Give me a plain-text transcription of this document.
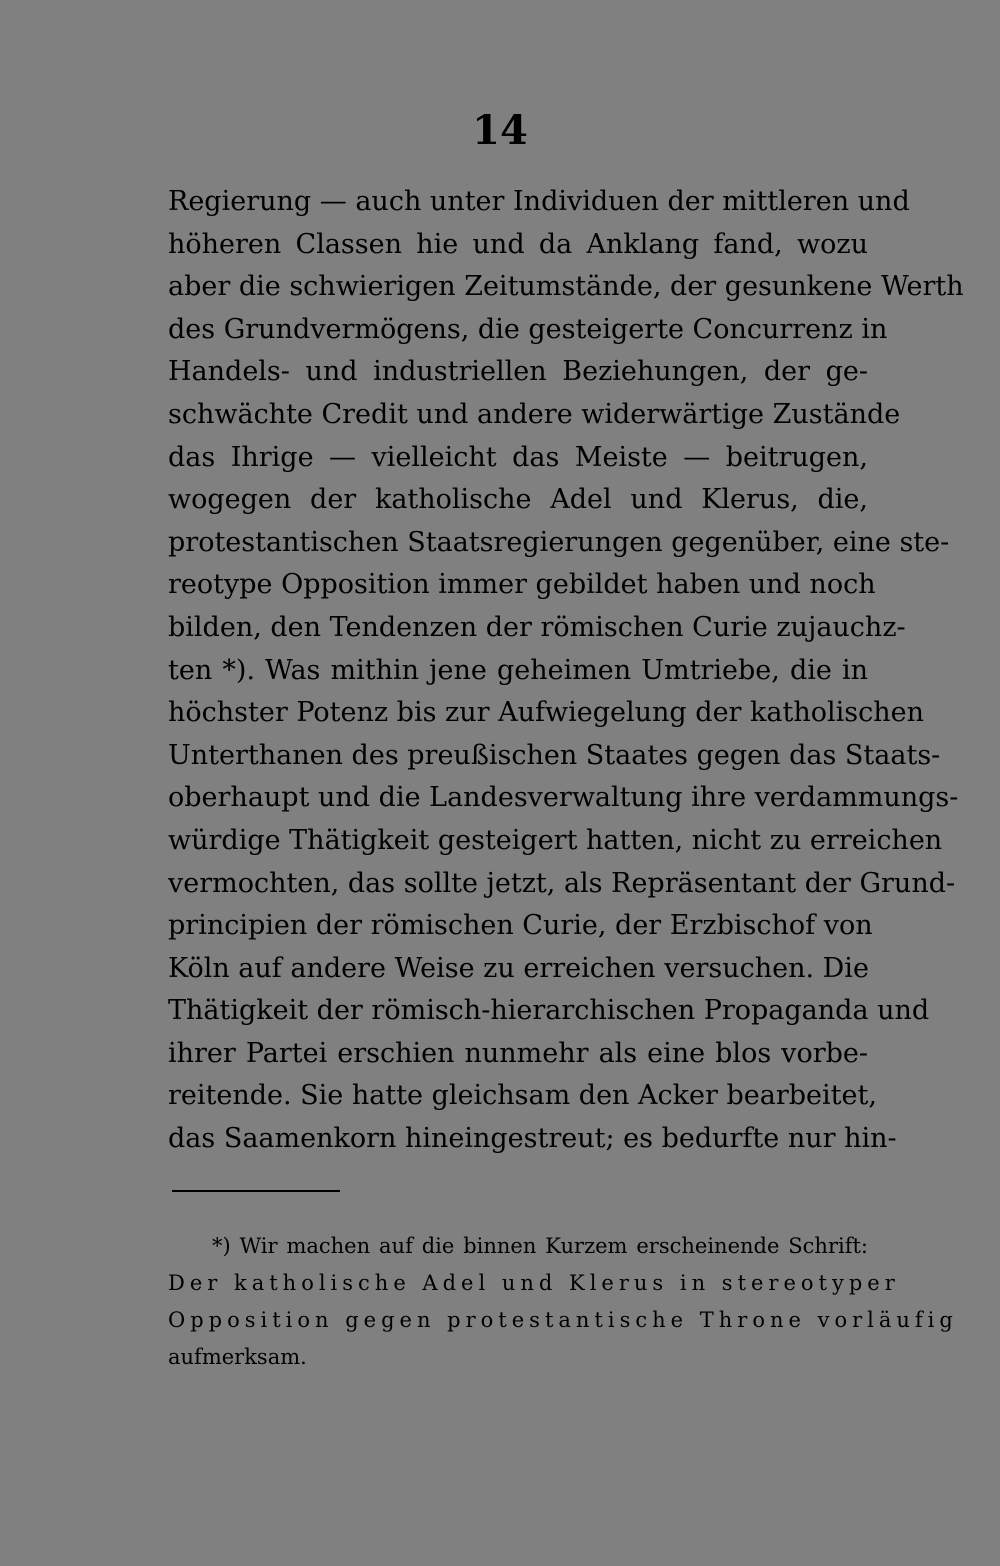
14
Regierung — auch unter Individuen der mittleren und
höheren Classen hie und da Anklang fand, wozu
aber die schwierigen Zeitumstände, der gesunkene Werth
des Grundvermögens, die gesteigerte Concurrenz in
Handels- und industriellen Beziehungen, der ge-
schwächte Credit und andere widerwärtige Zustände
das Ihrige — vielleicht das Meiste — beitrugen,
wogegen der katholische Adel und Klerus, die,
protestantischen Staatsregierungen gegenüber, eine ste-
reotype Opposition immer gebildet haben und noch
bilden, den Tendenzen der römischen Curie zujauchz-
ten *). Was mithin jene geheimen Umtriebe, die in
höchster Potenz bis zur Aufwiegelung der katholischen
Unterthanen des preußischen Staates gegen das Staats-
oberhaupt und die Landesverwaltung ihre verdammungs-
würdige Thätigkeit gesteigert hatten, nicht zu erreichen
vermochten, das sollte jetzt, als Repräsentant der Grund-
principien der römischen Curie, der Erzbischof von
Köln auf andere Weise zu erreichen versuchen. Die
Thätigkeit der römisch-hierarchischen Propaganda und
ihrer Partei erschien nunmehr als eine blos vorbe-
reitende. Sie hatte gleichsam den Acker bearbeitet,
das Saamenkorn hineingestreut; es bedurfte nur hin-
*) Wir machen auf die binnen Kurzem erscheinende Schrift:
Der katholische Adel und Klerus in stereotyper
Opposition gegen protestantische Throne vorläufig
aufmerksam.
